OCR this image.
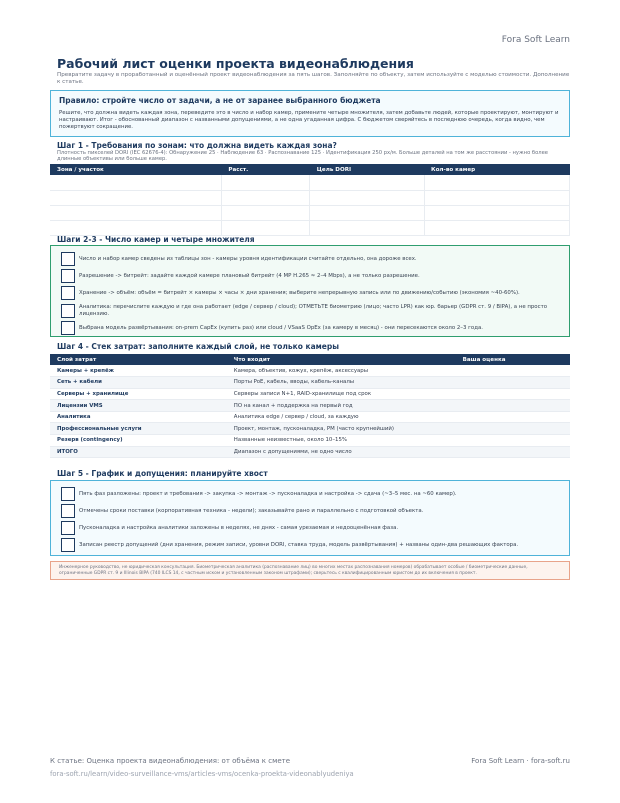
Fora Soft Learn
Рабочий лист оценки проекта видеонаблюдения

Превратите задачу в проработанный и оценённый проект видеонаблюдения за пять шагов. Заполняйте по объекту, затем используйте с моделью стоимости. Дополнение к статье.

Правило: стройте число от задачи, а не от заранее выбранного бюджета
Решите, что должна видеть каждая зона, переведите это в число и набор камер, примените четыре множителя, затем добавьте людей, которые проектируют, монтируют и настраивают. Итог - обоснованный диапазон с названными допущениями, а не одна угаданная цифра. С бюджетом сверяйтесь в последнюю очередь, когда видно, чем пожертвуют сокращение.
Шаг 1 - Требования по зонам: что должна видеть каждая зона?
Плотность пикселей DORI (IEC 62676-4): Обнаружение 25 · Наблюдение 63 · Распознавание 125 · Идентификация 250 px/м. Больше деталей на том же расстоянии - нужно более длинные объективы или больше камер.
Зона / участок	Расст.	Цель DORI	Кол-во камер

Шаги 2-3 - Число камер и четыре множителя
Число и набор камер сведены из таблицы зон - камеры уровня идентификации считайте отдельно, она дороже всех.
Разрешение -> битрейт: задайте каждой камере плановый битрейт (4 МР H.265 ≈ 2–4 Mbps), а не только разрешение.
Хранение -> объём: объём = битрейт × камеры × часы × дни хранения; выберите непрерывную запись или по движению/событию (экономия ~40-60%).
Аналитика: перечислите каждую и где она работает (edge / сервер / cloud); ОТМЕТЬТЕ биометрию (лицо; часто LPR) как юр. барьер (GDPR ст. 9 / BIPA), а не просто лицензию.
Выбрана модель развёртывания: on-prem CapEx (купить раз) или cloud / VSaaS OpEx (за камеру в месяц) - они пересекаются около 2–3 года.
Шаг 4 - Стек затрат: заполните каждый слой, не только камеры
Слой затрат	Что входит	Ваша оценка
Камеры + крепёж	Камера, объектив, кожух, крепёж, аксессуары	
Сеть + кабели	Порты PoE, кабель, вводы, кабель-каналы	
Серверы + хранилище	Серверы записи N+1, RAID-хранилище под срок	
Лицензии VMS	ПО на канал + поддержка на первый год	
Аналитика	Аналитика edge / сервер / cloud, за каждую	
Профессиональные услуги	Проект, монтаж, пусконаладка, PM (часто крупнейший)	
Резерв (contingency)	Названные неизвестные, около 10–15%	
ИТОГО	Диапазон с допущениями, не одно число	
Шаг 5 - График и допущения: планируйте хвост
Пять фаз разложены: проект и требования -> закупка -> монтаж -> пусконаладка и настройка -> сдача (~3–5 мес. на ~60 камер).
Отмечены сроки поставки (корпоративная техника - недели); заказывайте рано и параллельно с подготовкой объекта.
Пусконаладка и настройка аналитики заложены в неделях, не днях - самая урезаемая и недооценённая фаза.
Записан реестр допущений (дни хранения, режим записи, уровни DORI, ставка труда, модель развёртывания) + названы один-два решающих фактора.
Инженерное руководство, не юридическая консультация. Биометрическая аналитика (распознавание лиц) во многих местах распознавания номеров) обрабатывает особые / биометрические данные, ограниченные GDPR ст. 9 и Illinois BIPA (740 ILCS 14, с частным иском и установленным законом штрафами); сверьтесь с квалифицированным юристом до их включения в проект.
К статье: Оценка проекта видеонаблюдения: от объёма к смете	Fora Soft Learn · fora-soft.ru
fora-soft.ru/learn/video-surveillance-vms/articles-vms/ocenka-proekta-videonablyudeniya
